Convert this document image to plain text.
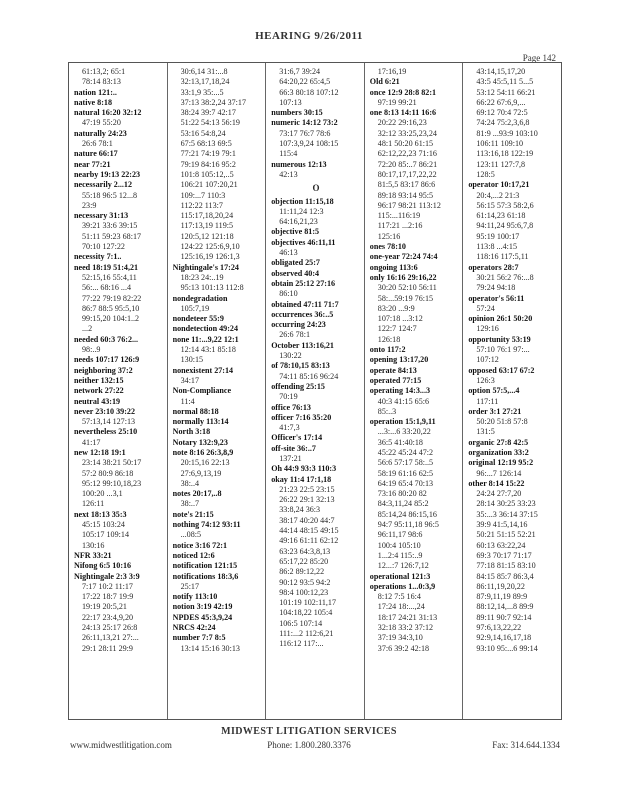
HEARING 9/26/2011
Page 142
61:13,2; 65:1
78:14 83:13
nation 121:..
native 8:18
natural 16:20 32:12
47:19 55:20
naturally 24:23
26:6 78:1
nature 66:17
near 77:21
nearby 19:13 22:23
necessarily 2...12
55:18 96:5 12...8
23:9
necessary 31:13
39:21 33:6 39:15
51:11 59:23 68:17
70:10 127:22
necessity 7:1..
need 18:19 51:4,21
52:15,16 55:4,11
56:... 68:16 ...4
77:22 79:19 82:22
86:7 88:5 95:5,10
99:15,20 104:1..2
...2
needed 60:3 76:2...
98:..9
needs 107:17 126:9
neighboring 37:2
neither 132:15
network 27:22
neutral 43:19
never 23:10 39:22
57:13,14 127:13
nevertheless 25:10
41:17
new 12:18 19:1
23:14 38:21 50:17
57:2 80:9 86:18
95:12 99:10,18,23
100:20 ...3,1
126:11
next 18:13 35:3
45:15 103:24
105:17 109:14
130:16
NFR 33:21
Nifong 6:5 10:16
Nightingale 2:3 3:9
7:17 10:2 11:17
17:22 18:7 19:9
19:19 20:5,21
22:17 23:4,9,20
24:13 25:17 26:8
26:11,13,21 27:...
29:1 28:11 29:9
30:6,14 31:...8
32:13,17,18,24
33:1,9 35:...5
37:13 38:2,24 37:17
38:24 39:7 42:17
51:22 54:13 56:19
53:16 54:8,24
67:5 68:13 69:5
77:21 74:19 79:1
79:19 84:16 95:2
101:8 105:12,..5
106:21 107:20,21
109:...7 110:3
112:22 113:7
115:17,18,20,24
117:13,19 119:5
120:5,12 121:18
124:22 125:6,9,10
125:16,19 126:1,3
Nightingale's 17:24
18:23 24:..19
95:13 101:13 112:8
nondegradation
105:7,19
nondeteer 55:9
nondetection 49:24
none 11:...9,22 12:1
12:14 43:1 85:18
130:15
nonexistent 27:14
34:17
Non-Compliance
11:4
normal 88:18
normally 113:14
North 3:18
Notary 132:9,23
note 8:16 26:3,8,9
20:15,16 22:13
27:6,9,13,19
38:..4
notes 20:17,..8
38:..7
note's 21:15
nothing 74:12 93:11
...08:5
notice 3:16 72:1
noticed 12:6
notification 121:15
notifications 18:3,6
25:17
notify 113:10
notion 3:19 42:19
NPDES 45:3,9,24
NRCS 42:24
number 7:7 8:5
13:14 15:16 30:13
31:6,7 39:24
64:20,22 65:4,5
66:3 80:18 107:12
107:13
numbers 30:15
numeric 14:12 73:2
73:17 76:7 78:6
107:3,9,24 108:15
115:4
numerous 12:13
42:13
O
objection 11:15,18
11:11,24 12:3
64:16,21,23
objective 81:5
objectives 46:11,11
46:13
obligated 25:7
observed 40:4
obtain 25:12 27:16
86:10
obtained 47:11 71:7
occurrences 36:..5
occurring 24:23
26:6 78:1
October 113:16,21
130:22
of 78:10,15 83:13
74:11 85:16 96:24
offending 25:15
70:19
office 76:13
officer 7:16 35:20
41:7,3
Officer's 17:14
off-site 36:..7
137:21
Oh 44:9 93:3 110:3
okay 11:4 17:1,18
21:23 22:5 23:15
26:22 29:1 32:13
33:8,24 36:3
38:17 40:20 44:7
44:14 48:15 49:15
49:16 61:11 62:12
63:23 64:3,8,13
65:17,22 85:20
86:2 89:12,22
90:12 93:5 94:2
98:4 100:12,23
101:19 102:11,17
104:18,22 105:4
106:5 107:14
111:...2 112:6,21
116:12 117:...
17:16,19
Old 6:21
once 12:9 28:8 82:1
97:19 99:21
one 8:13 14:11 16:6
20:22 29:16,23
32:12 33:25,23,24
48:1 50:20 61:15
62:12,22,23 71:16
72:20 85:..7 86:21
80:17,17,17,22,22
81:5,5 83:17 86:6
89:18 93:14 95:5
96:17 98:21 113:12
115:...116:19
117:21 ...2:16
125:16
ones 78:10
one-year 72:24 74:4
ongoing 113:6
only 16:16 29:16,22
30:20 52:10 56:11
58:...59:19 76:15
83:20 ...9:9
107:18 ...3:12
122:7 124:7
126:18
onto 117:2
opening 13:17,20
operate 84:13
operated 77:15
operating 14:3...3
40:3 41:15 65:6
85:..3
operation 15:1,9,11
...3:...6 33:20,22
36:5 41:40:18
45:22 45:24 47:2
56:6 57:17 58:..5
58:19 61:16 62:5
64:19 65:4 70:13
73:16 80:20 82
84:3,11,24 85:2
85:14,24 86:15,16
94:7 95:11,18 96:5
96:11,17 98:6
100:4 105:10
1...2:4 115:..9
12...:7 126:7,12
operational 121:3
operations 1...0:3,9
8:12 7:5 16:4
17:24 18:...,24
18:17 24:21 31:13
32:18 33:2 37:12
37:19 34:3,10
37:6 39:2 42:18
43:14,15,17,20
43:5 45:5,11 5...5
53:12 54:11 66:21
66:22 67:6,9,...
69:12 70:4 72:5
74:24 75:2,3,6,8
81:9 ...93:9 103:10
106:11 109:10
113:16,18 122:19
123:11 127:7,8
128:5
operator 10:17,21
20:4,...2 21:3
56:15 57:3 58:2,6
61:14,23 61:18
94:11,24 95:6,7,8
95:19 100:17
113:8 ...4:15
118:16 117:5,11
operators 28:7
30:21 56:2 76:...8
79:24 94:18
operator's 56:11
57:24
opinion 26:1 50:20
129:16
opportunity 53:19
57:10 76:1 97:...
107:12
opposed 63:17 67:2
126:3
option 57:5,...4
117:11
order 3:1 27:21
50:20 51:8 57:8
131:5
organic 27:8 42:5
organization 33:2
original 12:19 95:2
96:...7 126:14
other 8:14 15:22
24:24 27:7,20
28:14 30:25 33:23
35:...3 36:14 37:15
39:9 41:5,14,16
50:21 51:15 52:21
60:13 63:22,24
69:3 70:17 71:17
77:18 81:15 83:10
84:15 85:7 86:3,4
86:11,19,20,22
87:9,11,19 89:9
88:12,14,...8 89:9
89:11 90:7 92:14
97:6,13,22,22
92:9,14,16,17,18
93:10 95:...6 99:14
MIDWEST LITIGATION SERVICES
www.midwestlitigation.com	Phone: 1.800.280.3376	Fax: 314.644.1334
